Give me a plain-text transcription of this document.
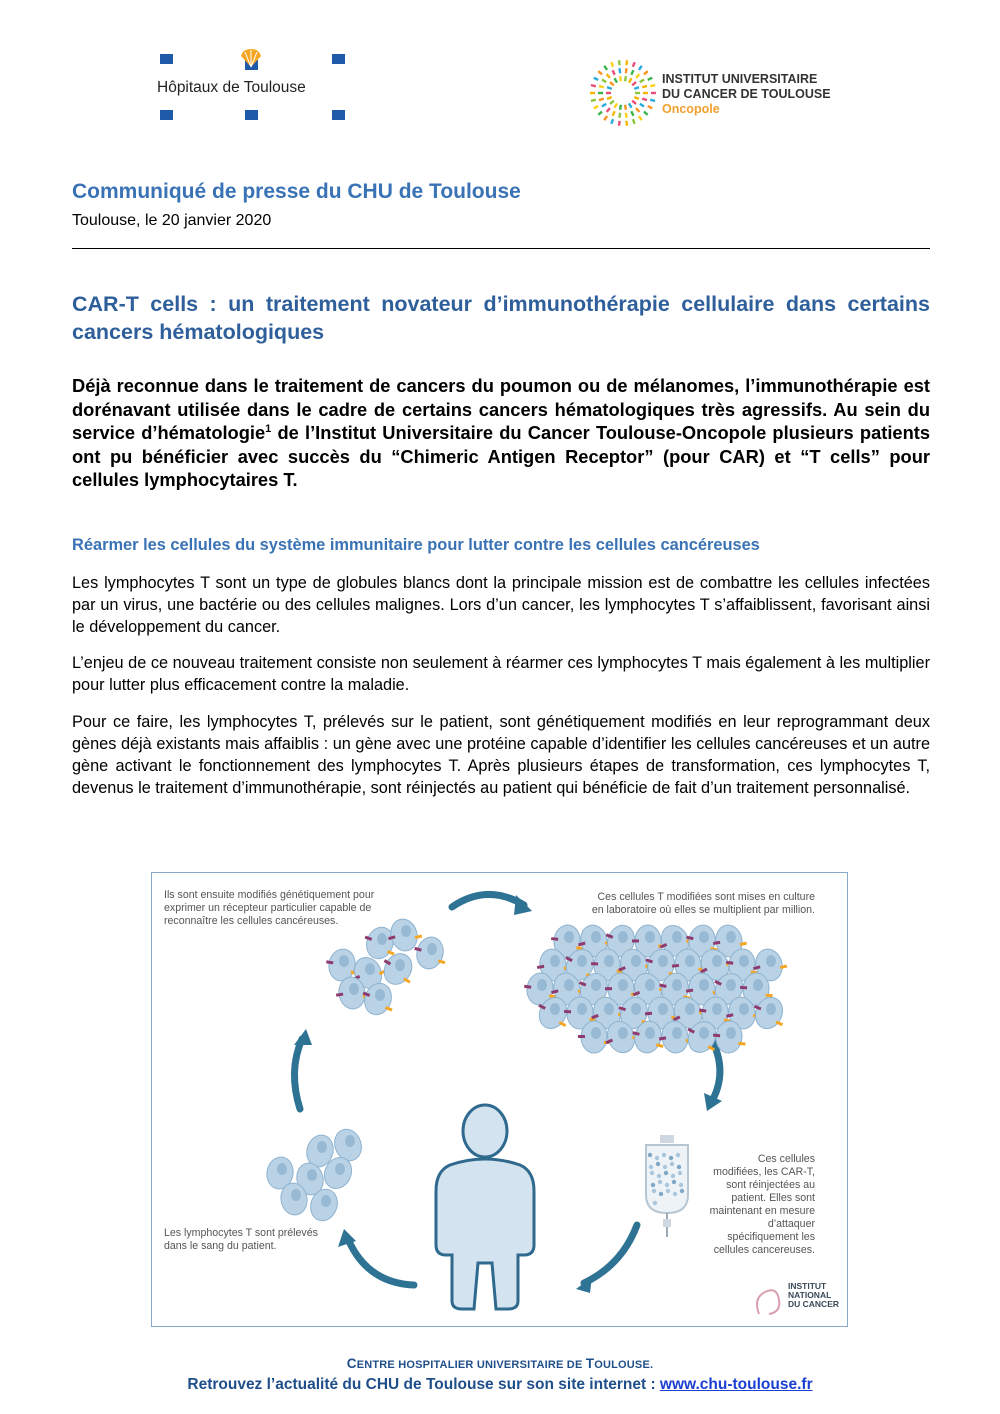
Hôpitaux de Toulouse	INSTITUT UNIVERSITAIRE
DU CANCER DE TOULOUSE
Oncopole
Communiqué de presse du CHU de Toulouse
Toulouse, le 20 janvier 2020
CAR-T cells : un traitement novateur d’immunothérapie cellulaire dans certains cancers hématologiques
Déjà reconnue dans le traitement de cancers du poumon ou de mélanomes, l’immunothérapie est dorénavant utilisée dans le cadre de certains cancers hématologiques très agressifs. Au sein du service d’hématologie$^1$ de l’Institut Universitaire du Cancer Toulouse-Oncopole plusieurs patients ont pu bénéficier avec succès du “Chimeric Antigen Receptor” (pour CAR) et “T cells” pour cellules lymphocytaires T.
Réarmer les cellules du système immunitaire pour lutter contre les cellules cancéreuses
Les lymphocytes T sont un type de globules blancs dont la principale mission est de combattre les cellules infectées par un virus, une bactérie ou des cellules malignes. Lors d’un cancer, les lymphocytes T s’affaiblissent, favorisant ainsi le développement du cancer.
L’enjeu de ce nouveau traitement consiste non seulement à réarmer ces lymphocytes T mais également à les multiplier pour lutter plus efficacement contre la maladie.
Pour ce faire, les lymphocytes T, prélevés sur le patient, sont génétiquement modifiés en leur reprogrammant deux gènes déjà existants mais affaiblis : un gène avec une protéine capable d’identifier les cellules cancéreuses et un autre gène activant le fonctionnement des lymphocytes T. Après plusieurs étapes de transformation, ces lymphocytes T, devenus le traitement d’immunothérapie, sont réinjectés au patient qui bénéficie de fait d’un traitement personnalisé.
Ils sont ensuite modifiés génétiquement pour
exprimer un récepteur particulier capable de
reconnaître les cellules cancéreuses.
Ces cellules T modifiées sont mises en culture
en laboratoire où elles se multiplient par million.
Ces cellules
modifiées, les CAR-T,
sont réinjectées au
patient. Elles sont
maintenant en mesure
d’attaquer
spécifiquement les
cellules cancereuses.
Les lymphocytes T sont prélevés
dans le sang du patient.
INSTITUT
NATIONAL
DU CANCER
CENTRE HOSPITALIER UNIVERSITAIRE DE TOULOUSE.
Retrouvez l’actualité du CHU de Toulouse sur son site internet : www.chu-toulouse.fr
